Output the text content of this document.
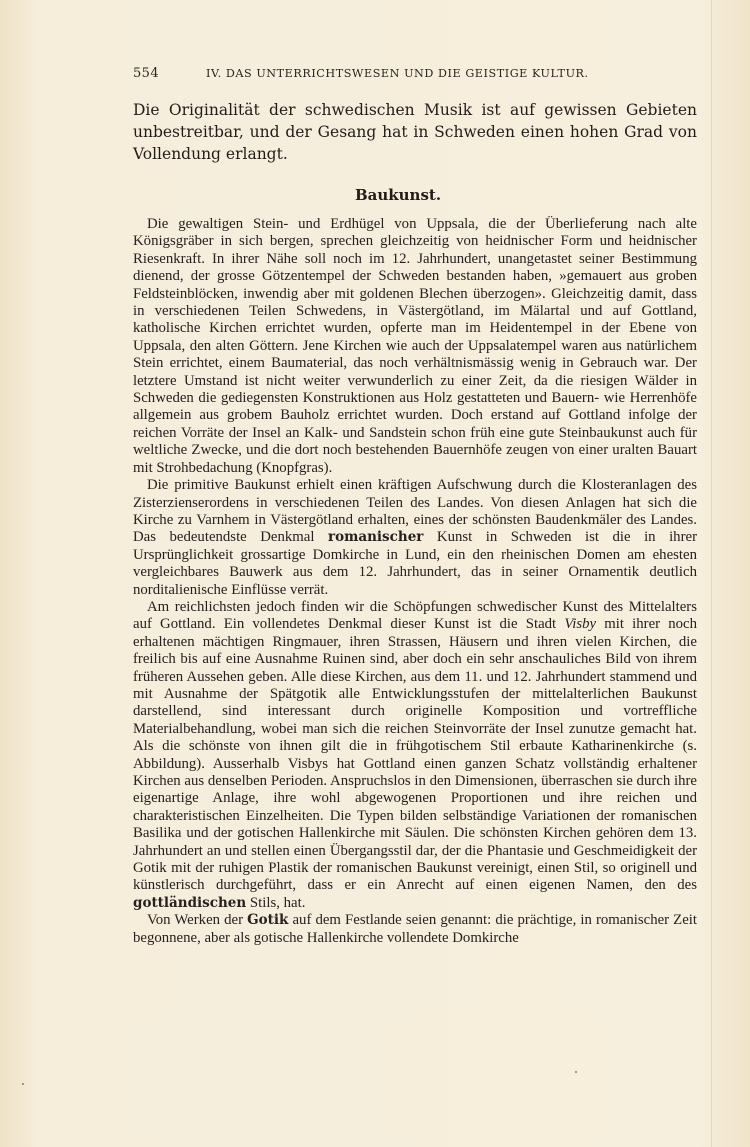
554	IV. DAS UNTERRICHTSWESEN UND DIE GEISTIGE KULTUR.
Die Originalität der schwedischen Musik ist auf gewissen Gebieten unbestreitbar, und der Gesang hat in Schweden einen hohen Grad von Vollendung erlangt.
Baukunst.

Die gewaltigen Stein- und Erdhügel von Uppsala, die der Überlieferung nach alte Königsgräber in sich bergen, sprechen gleichzeitig von heidnischer Form und heidnischer Riesenkraft. In ihrer Nähe soll noch im 12. Jahrhundert, unangetastet seiner Bestimmung dienend, der grosse Götzentempel der Schweden bestanden haben, »gemauert aus groben Feldsteinblöcken, inwendig aber mit goldenen Blechen überzogen». Gleichzeitig damit, dass in verschiedenen Teilen Schwedens, in Västergötland, im Mälartal und auf Gottland, katholische Kirchen errichtet wurden, opferte man im Heidentempel in der Ebene von Uppsala, den alten Göttern. Jene Kirchen wie auch der Uppsalatempel waren aus natürlichem Stein errichtet, einem Baumaterial, das noch verhältnismässig wenig in Gebrauch war. Der letztere Umstand ist nicht weiter verwunderlich zu einer Zeit, da die riesigen Wälder in Schweden die gediegensten Konstruktionen aus Holz gestatteten und Bauern- wie Herrenhöfe allgemein aus grobem Bauholz errichtet wurden. Doch erstand auf Gottland infolge der reichen Vorräte der Insel an Kalk- und Sandstein schon früh eine gute Steinbaukunst auch für weltliche Zwecke, und die dort noch bestehenden Bauernhöfe zeugen von einer uralten Bauart mit Strohbedachung (Knopfgras).

Die primitive Baukunst erhielt einen kräftigen Aufschwung durch die Klosteranlagen des Zisterzienserordens in verschiedenen Teilen des Landes. Von diesen Anlagen hat sich die Kirche zu Varnhem in Västergötland erhalten, eines der schönsten Baudenkmäler des Landes. Das bedeutendste Denkmal romanischer Kunst in Schweden ist die in ihrer Ursprünglichkeit grossartige Domkirche in Lund, ein den rheinischen Domen am ehesten vergleichbares Bauwerk aus dem 12. Jahrhundert, das in seiner Ornamentik deutlich norditalienische Einflüsse verrät.

Am reichlichsten jedoch finden wir die Schöpfungen schwedischer Kunst des Mittelalters auf Gottland. Ein vollendetes Denkmal dieser Kunst ist die Stadt Visby mit ihrer noch erhaltenen mächtigen Ringmauer, ihren Strassen, Häusern und ihren vielen Kirchen, die freilich bis auf eine Ausnahme Ruinen sind, aber doch ein sehr anschauliches Bild von ihrem früheren Aussehen geben. Alle diese Kirchen, aus dem 11. und 12. Jahrhundert stammend und mit Ausnahme der Spätgotik alle Entwicklungsstufen der mittelalterlichen Baukunst darstellend, sind interessant durch originelle Komposition und vortreffliche Materialbehandlung, wobei man sich die reichen Steinvorräte der Insel zunutze gemacht hat. Als die schönste von ihnen gilt die in frühgotischem Stil erbaute Katharinenkirche (s. Abbildung). Ausserhalb Visbys hat Gottland einen ganzen Schatz vollständig erhaltener Kirchen aus denselben Perioden. Anspruchslos in den Dimensionen, überraschen sie durch ihre eigenartige Anlage, ihre wohl abgewogenen Proportionen und ihre reichen und charakteristischen Einzelheiten. Die Typen bilden selbständige Variationen der romanischen Basilika und der gotischen Hallenkirche mit Säulen. Die schönsten Kirchen gehören dem 13. Jahrhundert an und stellen einen Übergangsstil dar, der die Phantasie und Geschmeidigkeit der Gotik mit der ruhigen Plastik der romanischen Baukunst vereinigt, einen Stil, so originell und künstlerisch durchgeführt, dass er ein Anrecht auf einen eigenen Namen, den des gottländischen Stils, hat.

Von Werken der Gotik auf dem Festlande seien genannt: die prächtige, in romanischer Zeit begonnene, aber als gotische Hallenkirche vollendete Domkirche
